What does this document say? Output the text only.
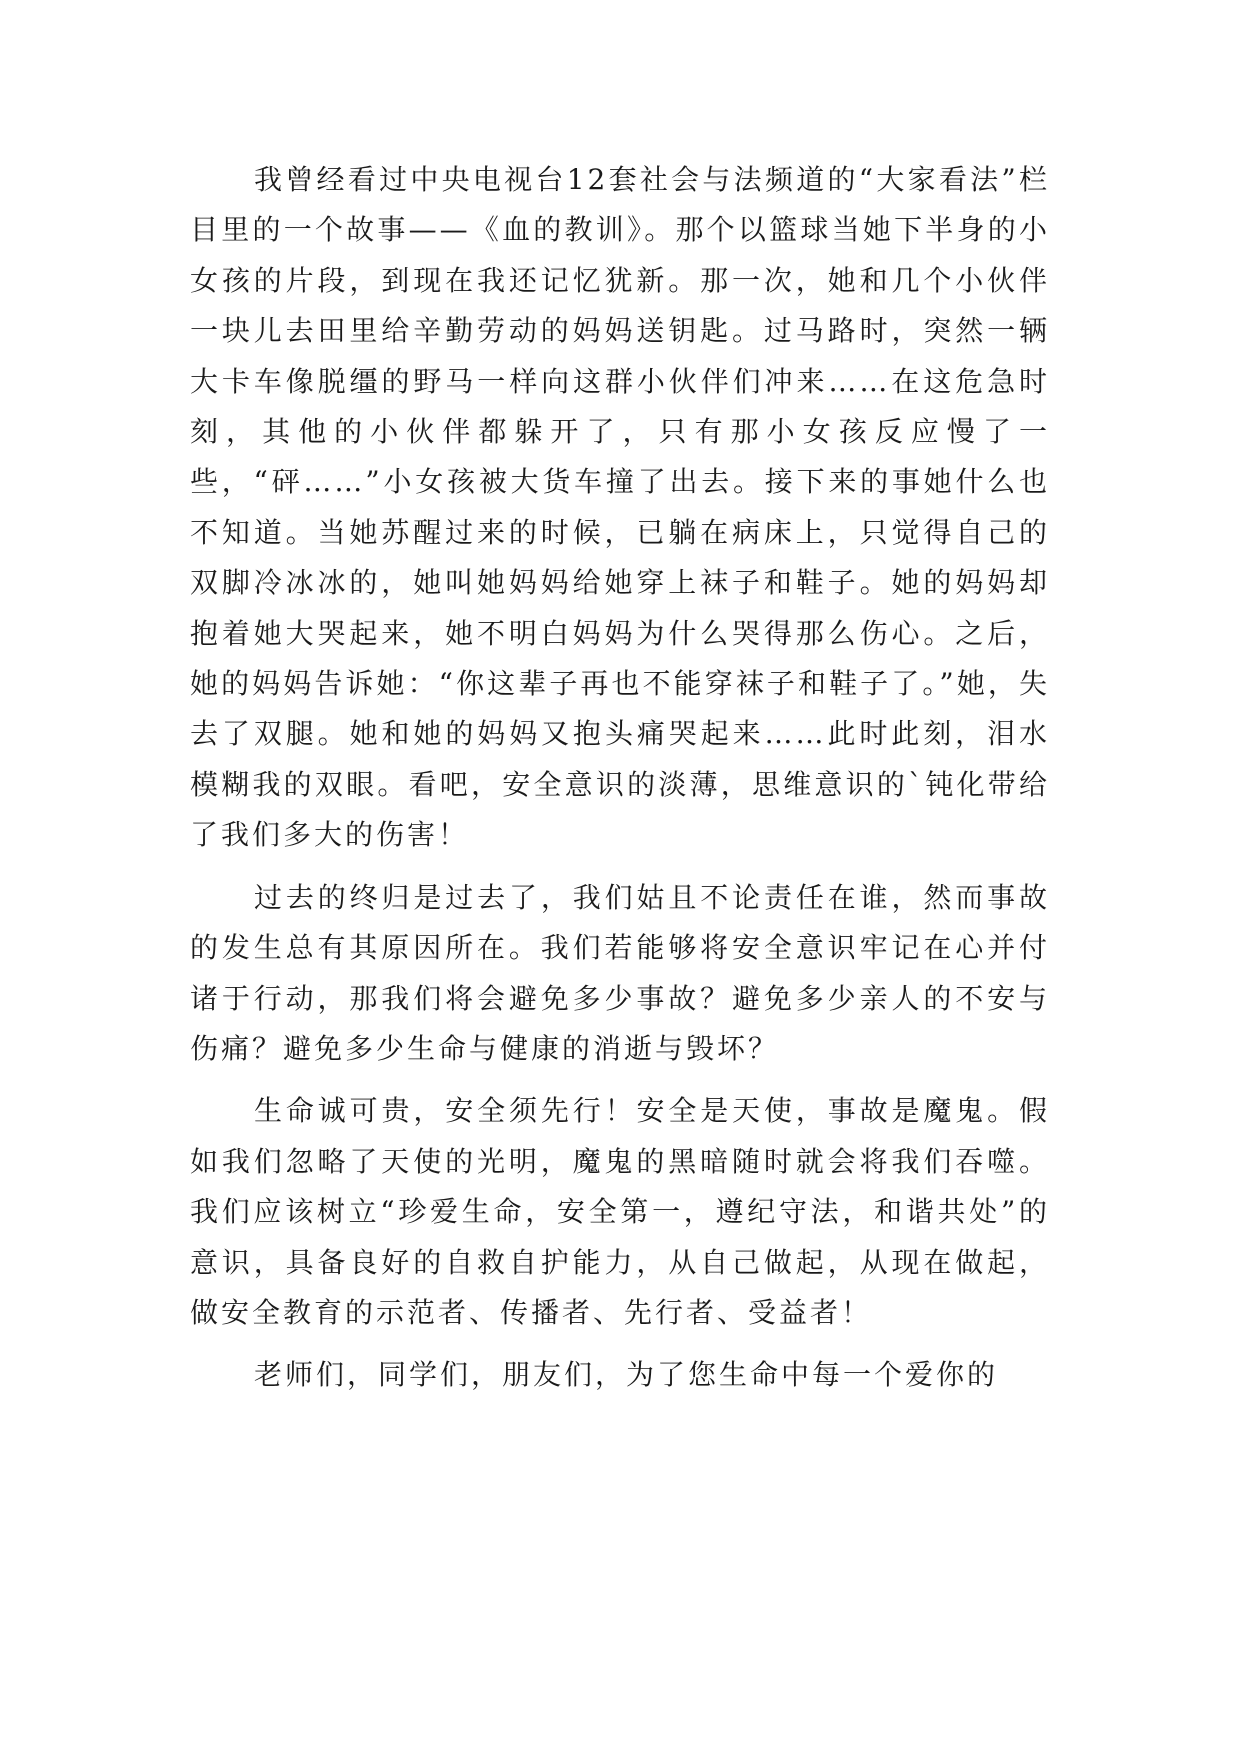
我曾经看过中央电视台12套社会与法频道的“大家看法”栏目里的一个故事——《血的教训》。那个以篮球当她下半身的小女孩的片段，到现在我还记忆犹新。那一次，她和几个小伙伴一块儿去田里给辛勤劳动的妈妈送钥匙。过马路时，突然一辆大卡车像脱缰的野马一样向这群小伙伴们冲来……在这危急时刻，其他的小伙伴都躲开了，只有那小女孩反应慢了一些，“砰……”小女孩被大货车撞了出去。接下来的事她什么也不知道。当她苏醒过来的时候，已躺在病床上，只觉得自己的双脚冷冰冰的，她叫她妈妈给她穿上袜子和鞋子。她的妈妈却抱着她大哭起来，她不明白妈妈为什么哭得那么伤心。之后，她的妈妈告诉她：“你这辈子再也不能穿袜子和鞋子了。”她，失去了双腿。她和她的妈妈又抱头痛哭起来……此时此刻，泪水模糊我的双眼。看吧，安全意识的淡薄，思维意识的`钝化带给了我们多大的伤害！

过去的终归是过去了，我们姑且不论责任在谁，然而事故的发生总有其原因所在。我们若能够将安全意识牢记在心并付诸于行动，那我们将会避免多少事故？避免多少亲人的不安与伤痛？避免多少生命与健康的消逝与毁坏？

生命诚可贵，安全须先行！安全是天使，事故是魔鬼。假如我们忽略了天使的光明，魔鬼的黑暗随时就会将我们吞噬。我们应该树立“珍爱生命，安全第一，遵纪守法，和谐共处”的意识，具备良好的自救自护能力，从自己做起，从现在做起，做安全教育的示范者、传播者、先行者、受益者！

老师们，同学们，朋友们，为了您生命中每一个爱你的
